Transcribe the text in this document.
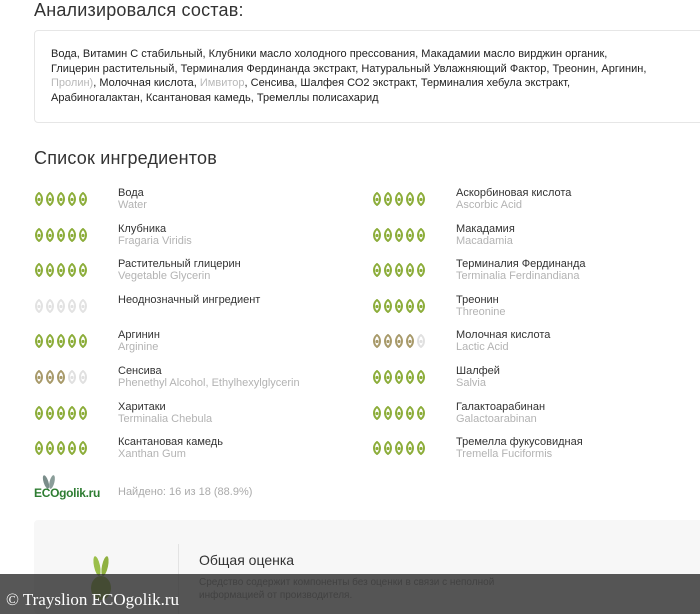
Анализировался состав:
Вода, Витамин С стабильный, Клубники масло холодного прессования, Макадамии масло вирджин органик,
Глицерин растительный, Терминалия Фердинанда экстракт, Натуральный Увлажняющий Фактор, Треонин, Аргинин,
Пролин), Молочная кислота, Имвитор, Сенсива, Шалфея СО2 экстракт, Терминалия хебула экстракт,
Арабиногалактан, Ксантановая камедь, Тремеллы полисахарид
Список ингредиентов
Вода
Water
Аскорбиновая кислота
Ascorbic Acid
Клубника
Fragaria Viridis
Макадамия
Macadamia
Растительный глицерин
Vegetable Glycerin
Терминалия Фердинанда
Terminalia Ferdinandiana
Неоднозначный ингредиент	Треонин
Threonine
Аргинин
Arginine
Молочная кислота
Lactic Acid
Сенсива
Phenethyl Alcohol, Ethylhexylglycerin
Шалфей
Salvia
Харитаки
Terminalia Chebula
Галактоарабинан
Galactoarabinan
Ксантановая камедь
Xanthan Gum
Тремелла фукусовидная
Tremella Fuciformis
ECOgolik.ru Найдено: 16 из 18 (88.9%)
Общая оценка
© Trayslion ECOgolik.ru
